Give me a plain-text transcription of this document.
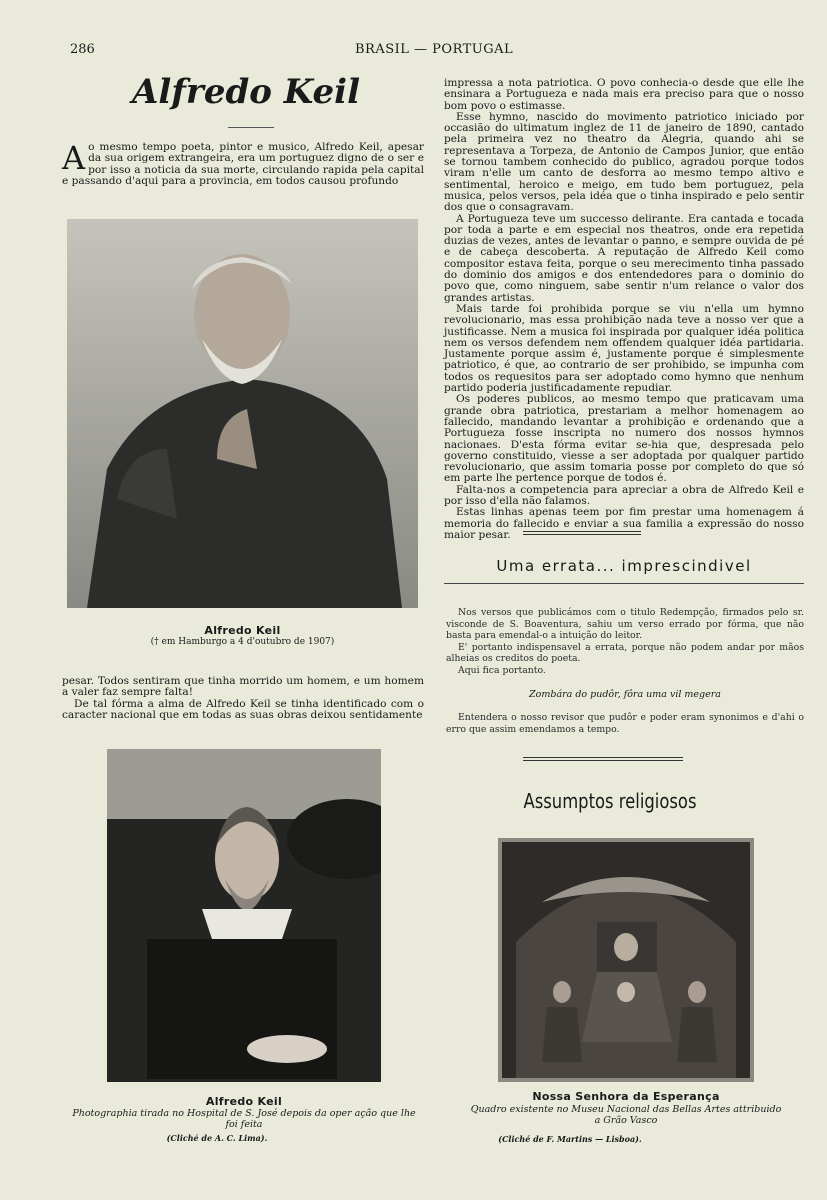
286	BRASIL — PORTUGAL
Alfredo Keil
A o mesmo tempo poeta, pintor e musico, Alfredo Keil, apesar da sua origem extrangeira, era um portuguez digno de o ser e por isso a noticia da sua morte, circulando rapida pela capital e passando d'aqui para a provincia, em todos causou profundo
Alfredo Keil
(† em Hamburgo a 4 d'outubro de 1907)

pesar. Todos sentiram que tinha morrido um homem, e um homem a valer faz sempre falta!

De tal fórma a alma de Alfredo Keil se tinha identificado com o caracter nacional que em todas as suas obras deixou sentidamente

Alfredo Keil
Photographia tirada no Hospital de S. José depois da oper ação que lhe foi feita
(Cliché de A. C. Lima).

impressa a nota patriotica. O povo conhecia-o desde que elle lhe ensinara a Portugueza e nada mais era preciso para que o nosso bom povo o estimasse.

Esse hymno, nascido do movimento patriotico iniciado por occasião do ultimatum inglez de 11 de janeiro de 1890, cantado pela primeira vez no theatro da Alegria, quando ahi se representava a Torpeza, de Antonio de Campos Junior, que então se tornou tambem conhecido do publico, agradou porque todos viram n'elle um canto de desforra ao mesmo tempo altivo e sentimental, heroico e meigo, em tudo bem portuguez, pela musica, pelos versos, pela idéa que o tinha inspirado e pelo sentir dos que o consagravam.

A Portugueza teve um successo delirante. Era cantada e tocada por toda a parte e em especial nos theatros, onde era repetida duzias de vezes, antes de levantar o panno, e sempre ouvida de pé e de cabeça descoberta. A reputação de Alfredo Keil como compositor estava feita, porque o seu merecimento tinha passado do dominio dos amigos e dos entendedores para o dominio do povo que, como ninguem, sabe sentir n'um relance o valor dos grandes artistas.

Mais tarde foi prohibida porque se viu n'ella um hymno revolucionario, mas essa prohibição nada teve a nosso ver que a justificasse. Nem a musica foi inspirada por qualquer idéa politica nem os versos defendem nem offendem qualquer idéa partidaria. Justamente porque assim é, justamente porque é simplesmente patriotico, é que, ao contrario de ser prohibido, se impunha com todos os requesitos para ser adoptado como hymno que nenhum partido poderia justificadamente repudiar.

Os poderes publicos, ao mesmo tempo que praticavam uma grande obra patriotica, prestariam a melhor homenagem ao fallecido, mandando levantar a prohibição e ordenando que a Portugueza fosse inscripta no numero dos nossos hymnos nacionaes. D'esta fórma evitar se-hia que, despresada pelo governo constituido, viesse a ser adoptada por qualquer partido revolucionario, que assim tomaria posse por completo do que só em parte lhe pertence porque de todos é.

Falta-nos a competencia para apreciar a obra de Alfredo Keil e por isso d'ella não falamos.

Estas linhas apenas teem por fim prestar uma homenagem á memoria do fallecido e enviar a sua familia a expressão do nosso maior pesar.

Uma errata... imprescindivel

Nos versos que publicámos com o titulo Redempção, firmados pelo sr. visconde de S. Boaventura, sahiu um verso errado por fórma, que não basta para emendal-o a intuição do leitor.

E' portanto indispensavel a errata, porque não podem andar por mãos alheias os creditos do poeta.

Aqui fica portanto.

Zombára do pudôr, fôra uma vil megera

Entendera o nosso revisor que pudôr e poder eram synonimos e d'ahi o erro que assim emendamos a tempo.

Assumptos religiosos
Nossa Senhora da Esperança
Quadro existente no Museu Nacional das Bellas Artes attribuido a Grão Vasco
(Cliché de F. Martins — Lisboa).
